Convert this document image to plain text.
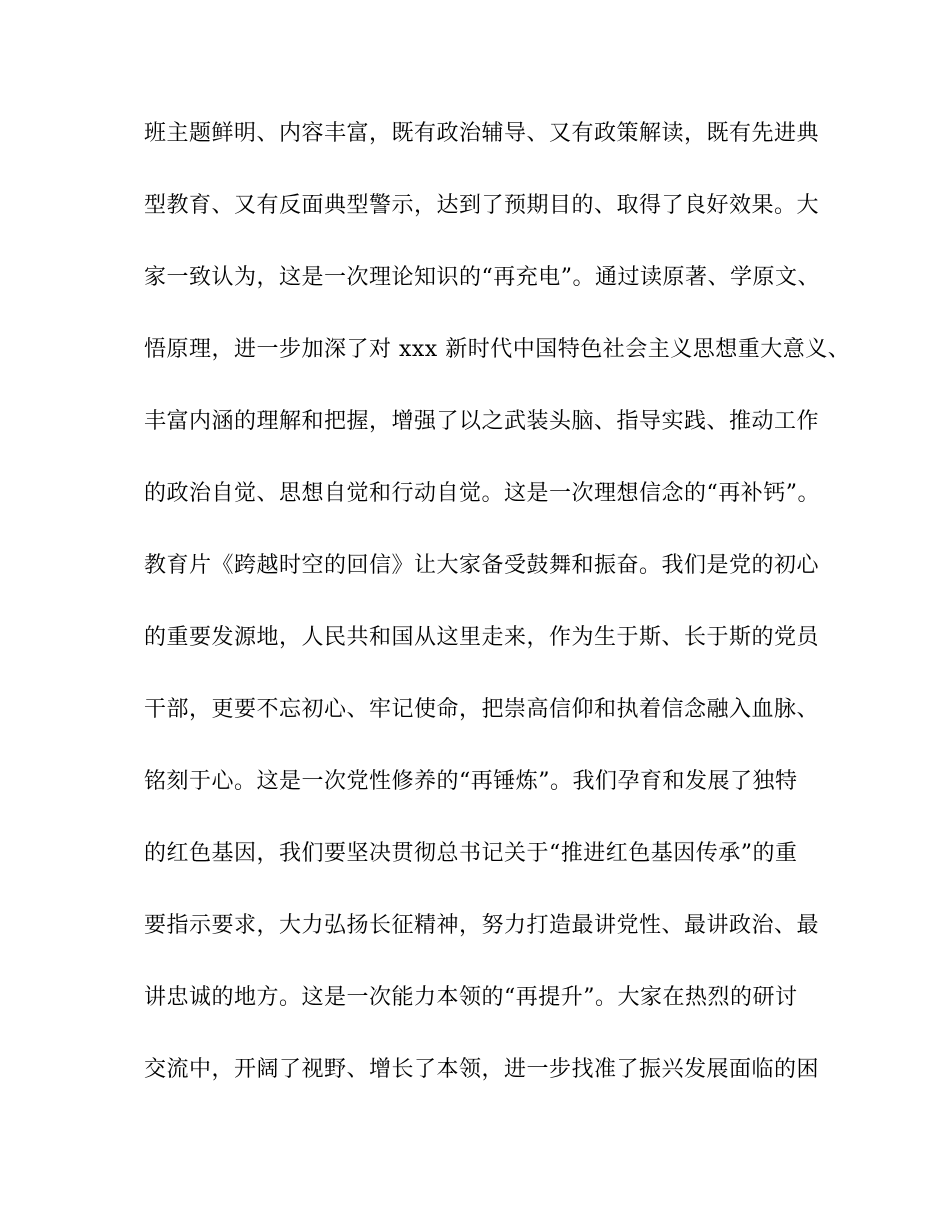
班主题鲜明、内容丰富，既有政治辅导、又有政策解读，既有先进典
型教育、又有反面典型警示，达到了预期目的、取得了良好效果。大
家一致认为，这是一次理论知识的“再充电”。通过读原著、学原文、
悟原理，进一步加深了对 xxx 新时代中国特色社会主义思想重大意义、
丰富内涵的理解和把握，增强了以之武装头脑、指导实践、推动工作
的政治自觉、思想自觉和行动自觉。这是一次理想信念的“再补钙”。
教育片《跨越时空的回信》让大家备受鼓舞和振奋。我们是党的初心
的重要发源地，人民共和国从这里走来，作为生于斯、长于斯的党员
干部，更要不忘初心、牢记使命，把崇高信仰和执着信念融入血脉、
铭刻于心。这是一次党性修养的“再锤炼”。我们孕育和发展了独特
的红色基因，我们要坚决贯彻总书记关于“推进红色基因传承”的重
要指示要求，大力弘扬长征精神，努力打造最讲党性、最讲政治、最
讲忠诚的地方。这是一次能力本领的“再提升”。大家在热烈的研讨
交流中，开阔了视野、增长了本领，进一步找准了振兴发展面临的困
